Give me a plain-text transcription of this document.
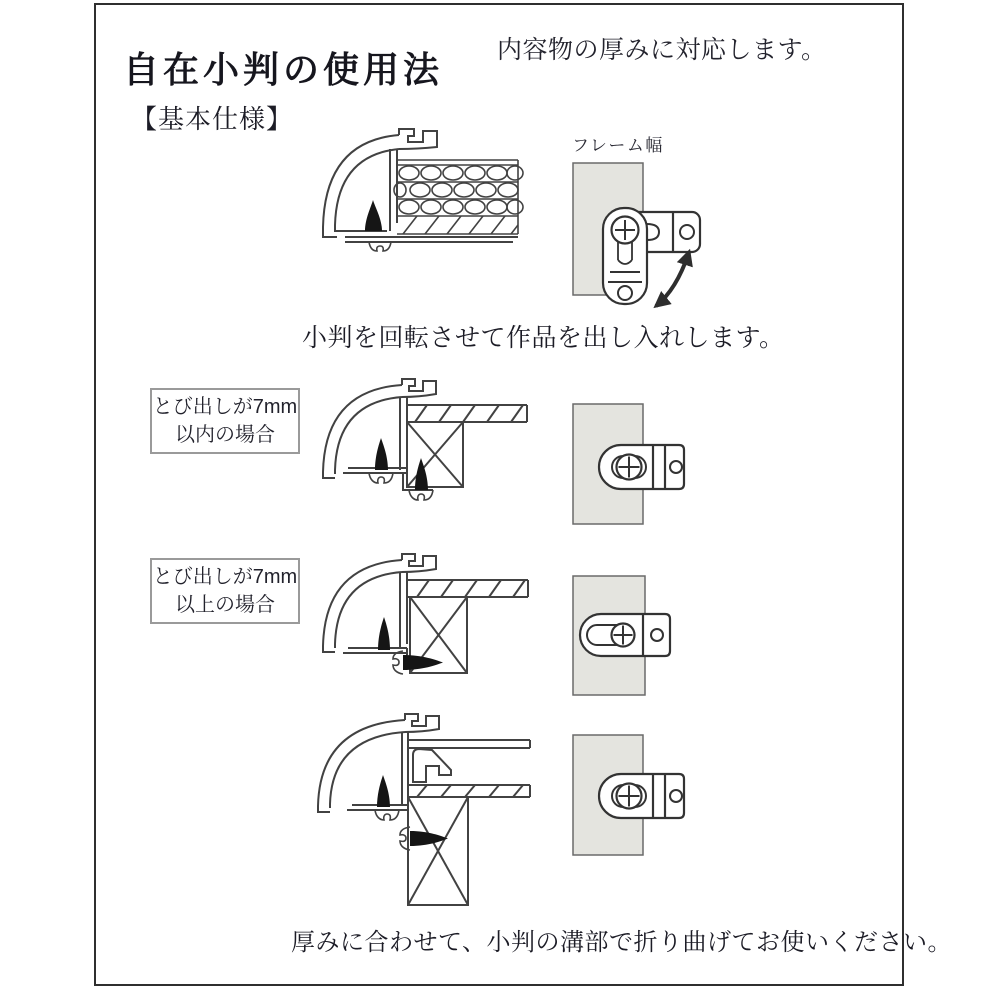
自在小判の使用法 内容物の厚みに対応します。
【基本仕様】
フレーム幅
小判を回転させて作品を出し入れします。
とび出しが7mm
以内の場合
とび出しが7mm
以上の場合
厚みに合わせて、小判の溝部で折り曲げてお使いください。
